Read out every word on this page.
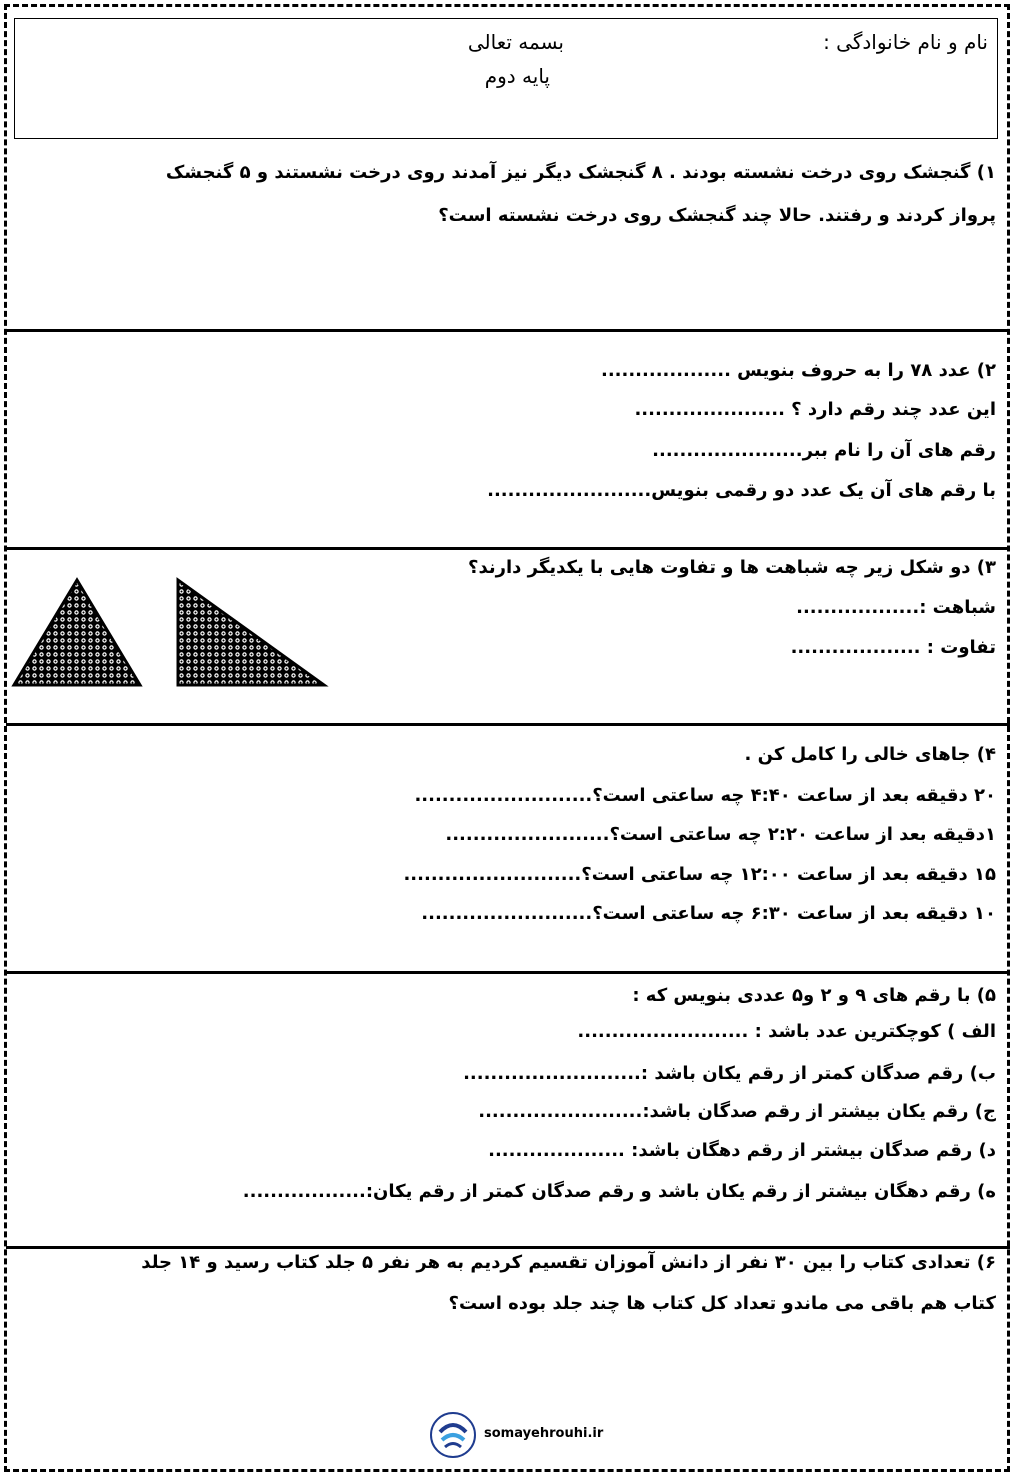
نام و نام خانوادگی :
بسمه تعالی
پایه دوم
۱) گنجشک روی درخت نشسته بودند . ۸ گنجشک دیگر نیز آمدند روی درخت نشستند و ۵ گنجشک
پرواز کردند و رفتند. حالا چند گنجشک روی درخت نشسته است؟
۲) عدد ۷۸ را به حروف بنویس ...................
این عدد چند رقم دارد ؟ ......................
رقم های آن را نام ببر......................
با رقم های آن یک عدد دو رقمی بنویس........................
۳) دو شکل زیر چه شباهت ها و تفاوت هایی با یکدیگر دارند؟
شباهت :..................
تفاوت : ...................
۴) جاهای خالی را کامل کن .
۲۰ دقیقه بعد از ساعت ۴:۴۰ چه ساعتی است؟..........................
۱دقیقه بعد از ساعت ۲:۲۰ چه ساعتی است؟........................
۱۵ دقیقه بعد از ساعت ۱۲:۰۰ چه ساعتی است؟..........................
۱۰ دقیقه بعد از ساعت ۶:۳۰ چه ساعتی است؟.........................
۵) با رقم های ۹ و ۲ و۵ عددی بنویس که :
الف ) کوچکترین عدد باشد : .........................
ب) رقم صدگان کمتر از رقم یکان باشد :..........................
ج) رقم یکان بیشتر از رقم صدگان باشد:........................
د) رقم صدگان بیشتر از رقم دهگان باشد: ....................
ه) رقم دهگان بیشتر از رقم یکان باشد و رقم صدگان کمتر از رقم یکان:..................
۶) تعدادی کتاب را بین ۳۰ نفر از دانش آموزان تقسیم کردیم به هر نفر ۵ جلد کتاب رسید و ۱۴ جلد
کتاب هم باقی می ماندو تعداد کل کتاب ها چند جلد بوده است؟
somayehrouhi.ir
